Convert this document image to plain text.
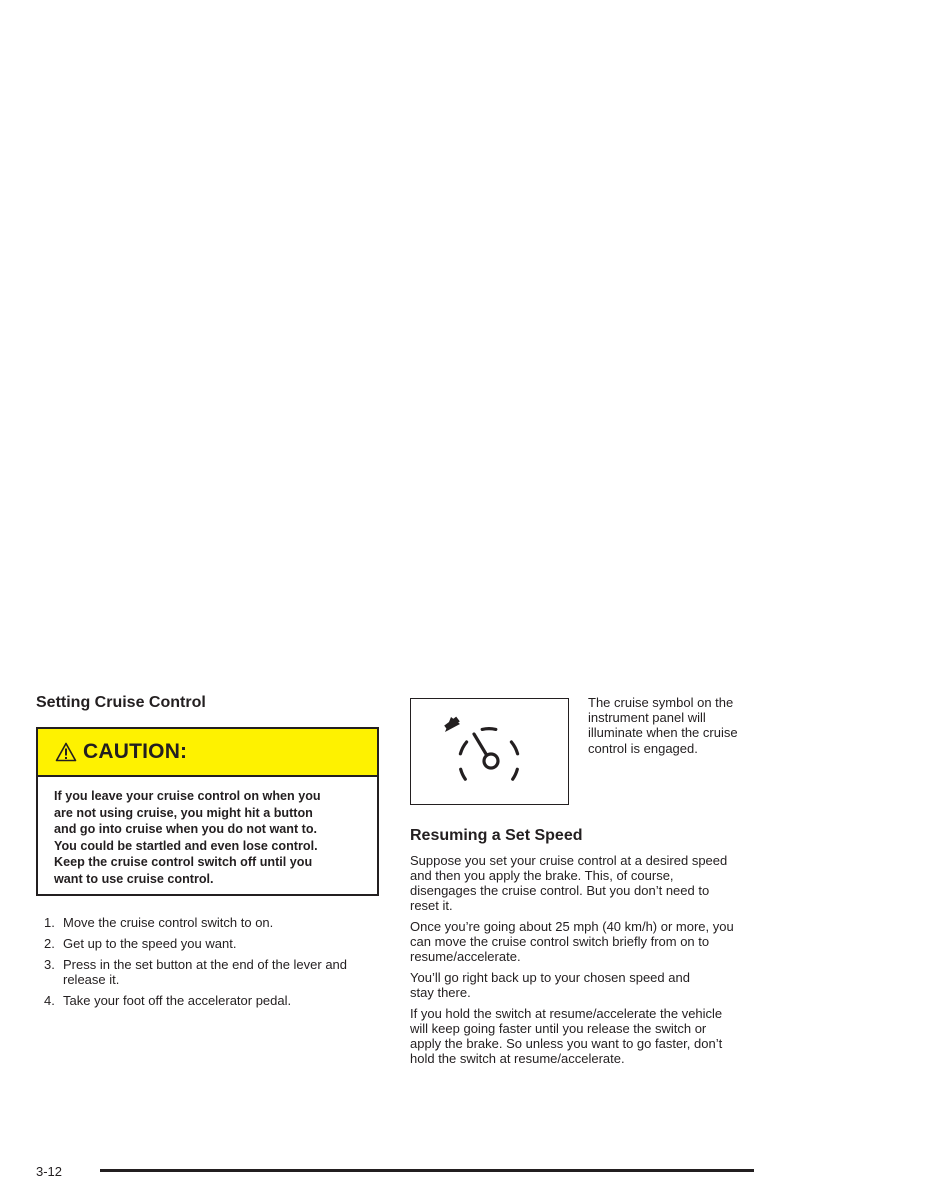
Setting Cruise Control
CAUTION:
If you leave your cruise control on when you
are not using cruise, you might hit a button
and go into cruise when you do not want to.
You could be startled and even lose control.
Keep the cruise control switch off until you
want to use cruise control.
1. Move the cruise control switch to on.
2. Get up to the speed you want.
3. Press in the set button at the end of the lever and
release it.
4. Take your foot off the accelerator pedal.
The cruise symbol on the
instrument panel will
illuminate when the cruise
control is engaged.
Resuming a Set Speed
Suppose you set your cruise control at a desired speed
and then you apply the brake. This, of course,
disengages the cruise control. But you don’t need to
reset it.
Once you’re going about 25 mph (40 km/h) or more, you
can move the cruise control switch briefly from on to
resume/accelerate.
You’ll go right back up to your chosen speed and
stay there.
If you hold the switch at resume/accelerate the vehicle
will keep going faster until you release the switch or
apply the brake. So unless you want to go faster, don’t
hold the switch at resume/accelerate.
3-12
